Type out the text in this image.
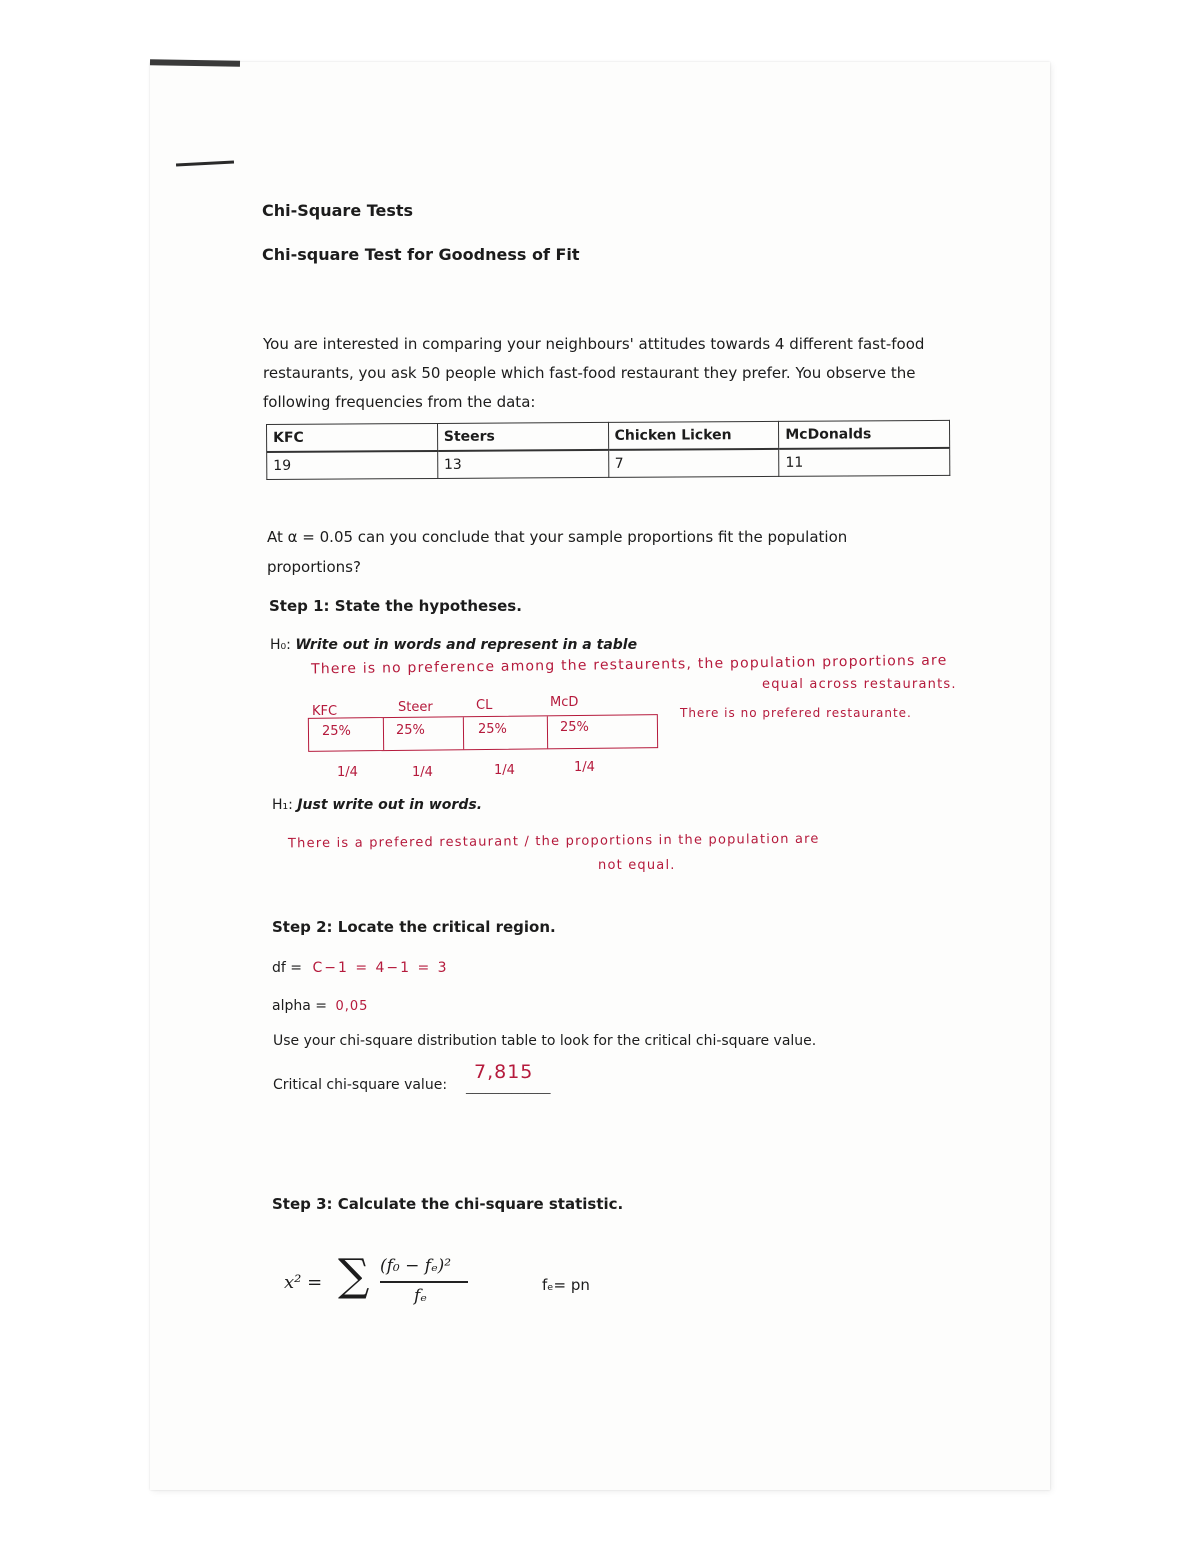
Chi-Square Tests
Chi-square Test for Goodness of Fit
You are interested in comparing your neighbours' attitudes towards 4 different fast-food restaurants, you ask 50 people which fast-food restaurant they prefer. You observe the following frequencies from the data:
KFC	Steers	Chicken Licken	McDonalds
19	13	7	11
At α = 0.05 can you conclude that your sample proportions fit the population proportions?
Step 1: State the hypotheses.
H₀: Write out in words and represent in a table
There is no preference among the restaurents, the population proportions are
equal across restaurants.
There is no prefered restaurante.
KFC	Steer	CL	McD
25%	25%	25%	25%
1/4	1/4	1/4	1/4
H₁: Just write out in words.
There is a prefered restaurant / the proportions in the population are
not equal.
Step 2: Locate the critical region.
df = C−1 = 4−1 = 3
alpha = 0,05
Use your chi-square distribution table to look for the critical chi-square value.
Critical chi-square value: _____________
7,815
Step 3: Calculate the chi-square statistic.
x² = ∑ (f₀ − fₑ)²
fₑ
fₑ= pn
